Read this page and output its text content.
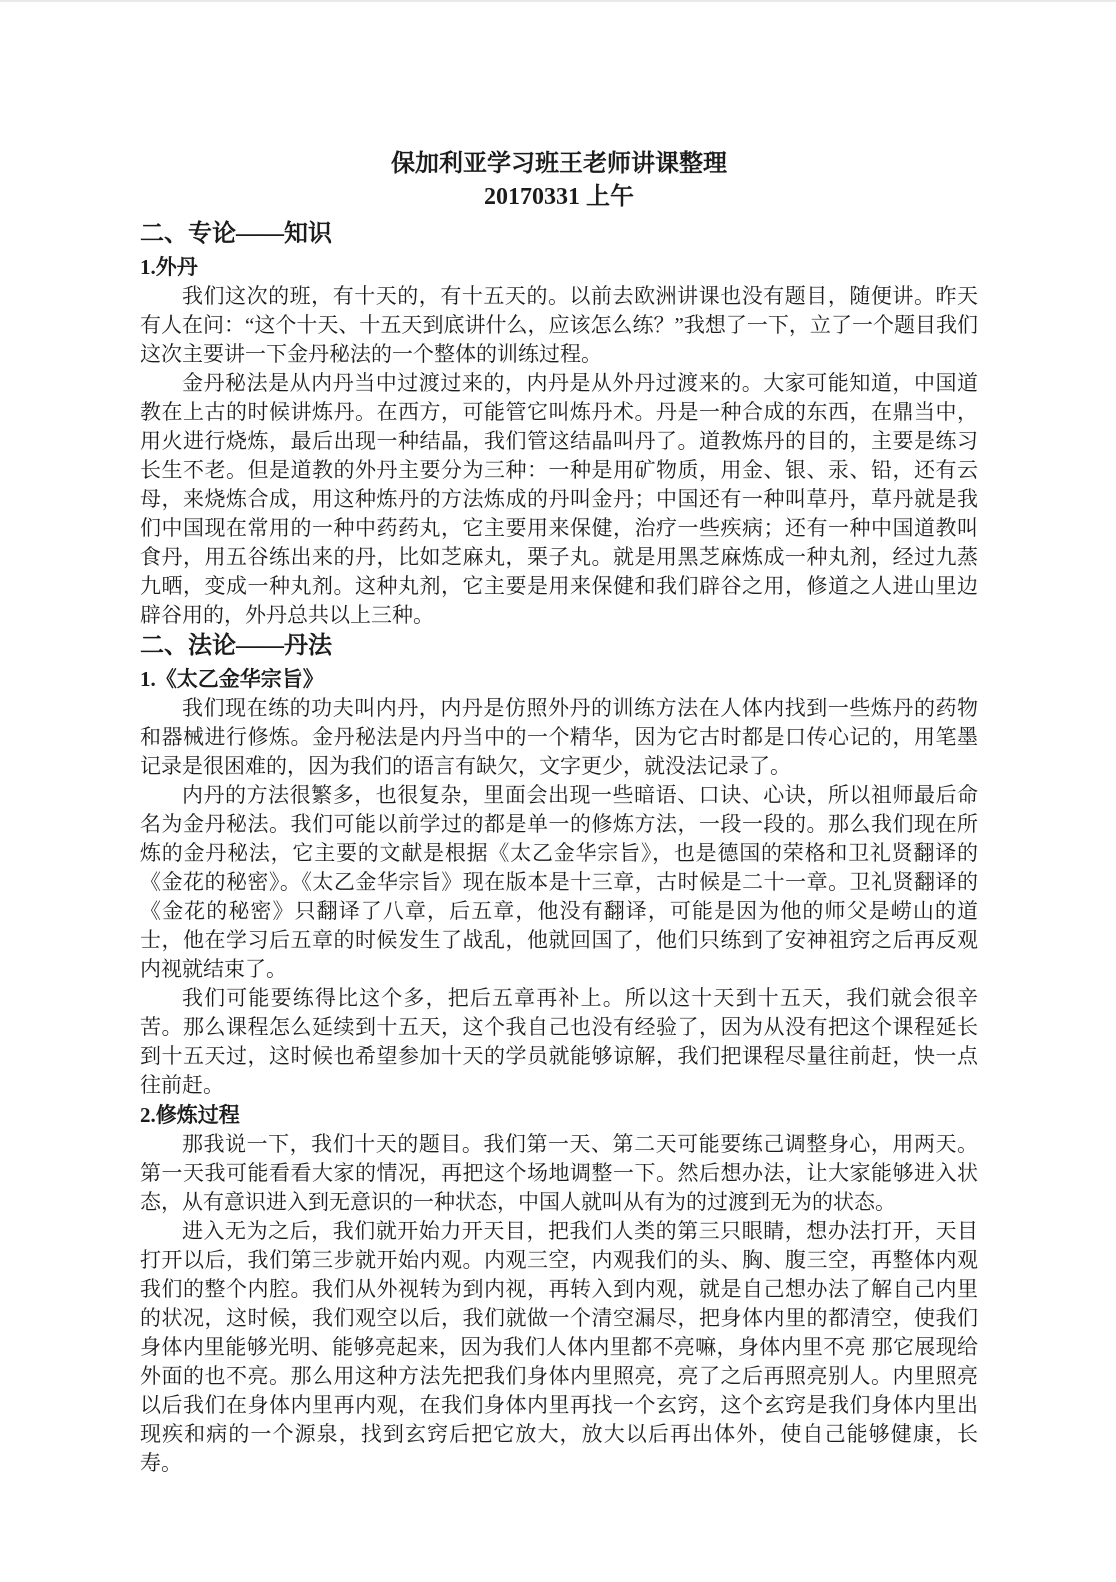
保加利亚学习班王老师讲课整理
20170331 上午
二、专论——知识
1.外丹

我们这次的班，有十天的，有十五天的。以前去欧洲讲课也没有题目，随便讲。昨天有人在问：“这个十天、十五天到底讲什么，应该怎么练？”我想了一下，立了一个题目我们这次主要讲一下金丹秘法的一个整体的训练过程。

金丹秘法是从内丹当中过渡过来的，内丹是从外丹过渡来的。大家可能知道，中国道教在上古的时候讲炼丹。在西方，可能管它叫炼丹术。丹是一种合成的东西，在鼎当中，用火进行烧炼，最后出现一种结晶，我们管这结晶叫丹了。道教炼丹的目的，主要是练习长生不老。但是道教的外丹主要分为三种：一种是用矿物质，用金、银、汞、铅，还有云母，来烧炼合成，用这种炼丹的方法炼成的丹叫金丹；中国还有一种叫草丹，草丹就是我们中国现在常用的一种中药药丸，它主要用来保健，治疗一些疾病；还有一种中国道教叫食丹，用五谷练出来的丹，比如芝麻丸，栗子丸。就是用黑芝麻炼成一种丸剂，经过九蒸九晒，变成一种丸剂。这种丸剂，它主要是用来保健和我们辟谷之用，修道之人进山里边辟谷用的，外丹总共以上三种。

二、法论——丹法
1.《太乙金华宗旨》

我们现在练的功夫叫内丹，内丹是仿照外丹的训练方法在人体内找到一些炼丹的药物和器械进行修炼。金丹秘法是内丹当中的一个精华，因为它古时都是口传心记的，用笔墨记录是很困难的，因为我们的语言有缺欠，文字更少，就没法记录了。

内丹的方法很繁多，也很复杂，里面会出现一些暗语、口诀、心诀，所以祖师最后命名为金丹秘法。我们可能以前学过的都是单一的修炼方法，一段一段的。那么我们现在所炼的金丹秘法，它主要的文献是根据《太乙金华宗旨》，也是德国的荣格和卫礼贤翻译的《金花的秘密》。《太乙金华宗旨》现在版本是十三章，古时候是二十一章。卫礼贤翻译的《金花的秘密》只翻译了八章，后五章，他没有翻译，可能是因为他的师父是崂山的道士，他在学习后五章的时候发生了战乱，他就回国了，他们只练到了安神祖窍之后再反观内视就结束了。

我们可能要练得比这个多，把后五章再补上。所以这十天到十五天，我们就会很辛苦。那么课程怎么延续到十五天，这个我自己也没有经验了，因为从没有把这个课程延长到十五天过，这时候也希望参加十天的学员就能够谅解，我们把课程尽量往前赶，快一点往前赶。

2.修炼过程

那我说一下，我们十天的题目。我们第一天、第二天可能要练己调整身心，用两天。第一天我可能看看大家的情况，再把这个场地调整一下。然后想办法，让大家能够进入状态，从有意识进入到无意识的一种状态，中国人就叫从有为的过渡到无为的状态。

进入无为之后，我们就开始力开天目，把我们人类的第三只眼睛，想办法打开，天目打开以后，我们第三步就开始内观。内观三空，内观我们的头、胸、腹三空，再整体内观我们的整个内腔。我们从外视转为到内视，再转入到内观，就是自己想办法了解自己内里的状况，这时候，我们观空以后，我们就做一个清空漏尽，把身体内里的都清空，使我们身体内里能够光明、能够亮起来，因为我们人体内里都不亮嘛，身体内里不亮 那它展现给外面的也不亮。那么用这种方法先把我们身体内里照亮，亮了之后再照亮别人。内里照亮以后我们在身体内里再内观，在我们身体内里再找一个玄窍，这个玄窍是我们身体内里出现疾和病的一个源泉，找到玄窍后把它放大，放大以后再出体外，使自己能够健康，长寿。
